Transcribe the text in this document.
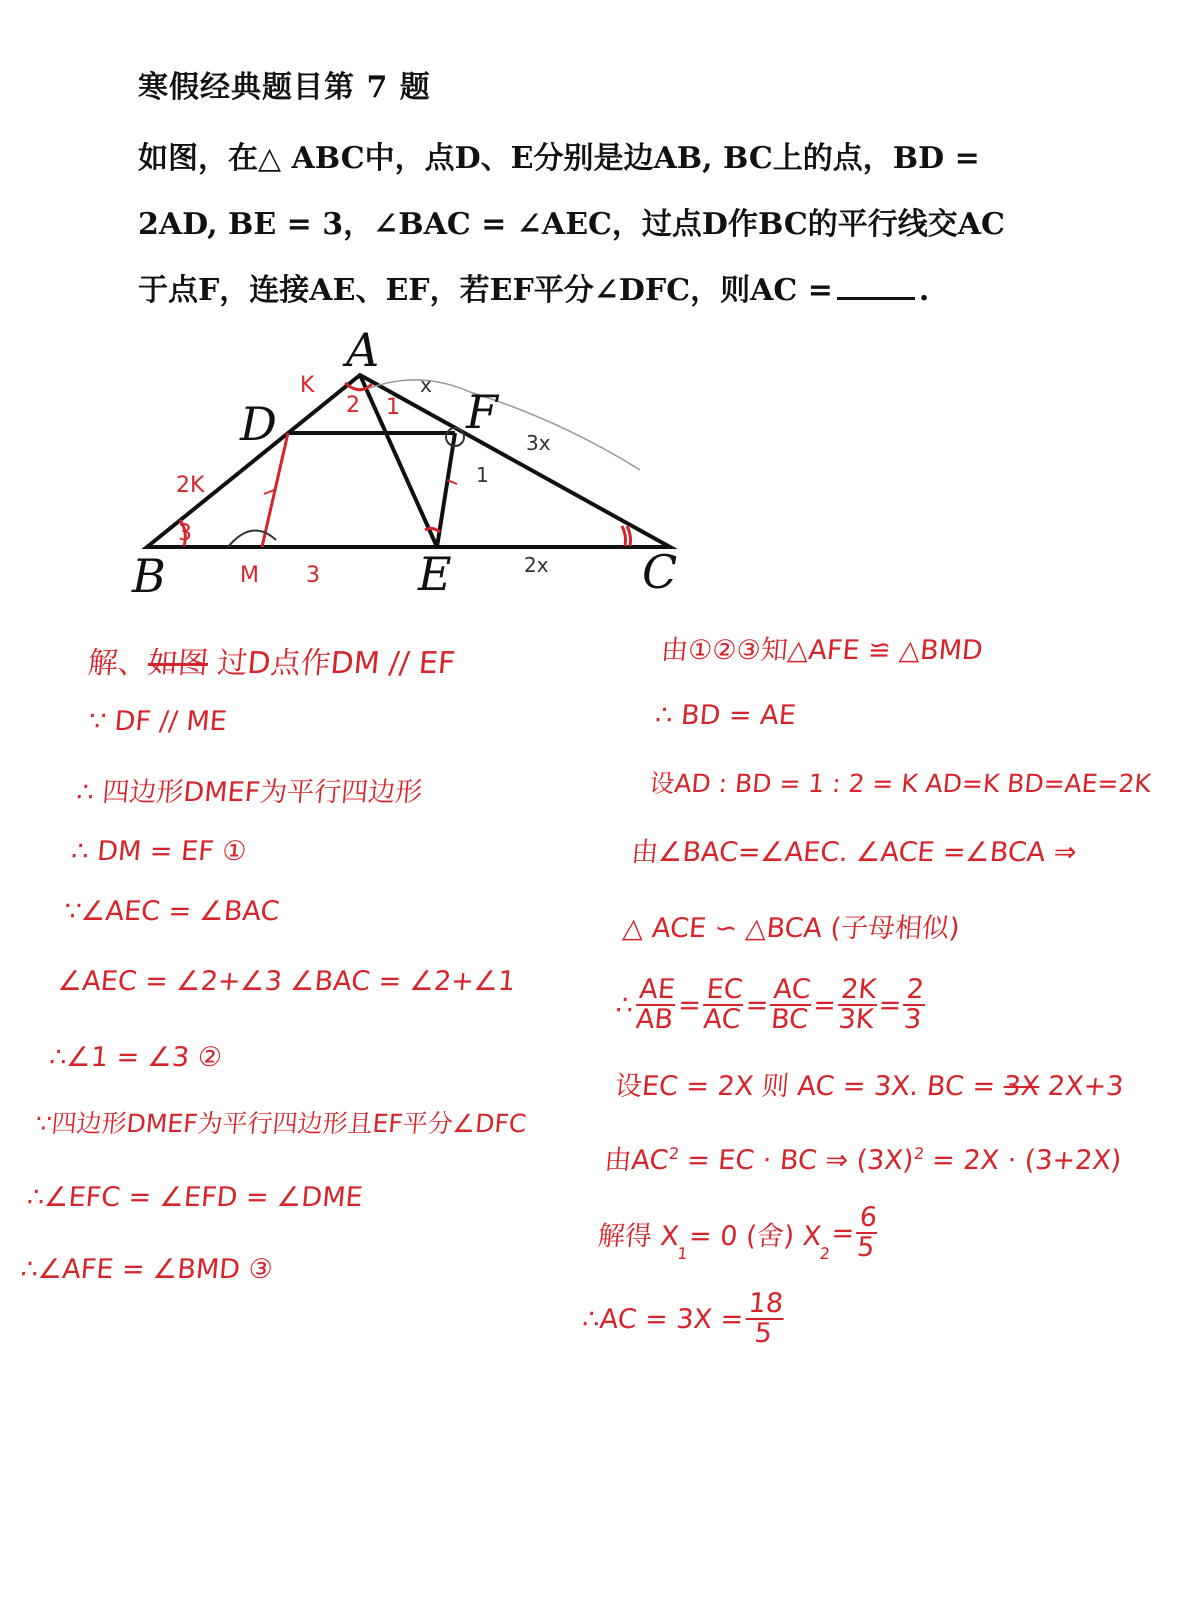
寒假经典题目第 7 题
如图，在△ ABC中，点D、E分别是边AB, BC上的点，BD =
2AD, BE = 3，∠BAC = ∠AEC，过点D作BC的平行线交AC
于点F，连接AE、EF，若EF平分∠DFC，则AC =	.
A
B	C
D
E
F
K
2K
M 3	2x
3x
1
2
3
1
x
解、如图 过D点作DM // EF
∵ DF // ME
∴ 四边形DMEF为平行四边形
∴ DM = EF ①
∵∠AEC = ∠BAC
∠AEC = ∠2+∠3 ∠BAC = ∠2+∠1
∴∠1 = ∠3 ②
∵四边形DMEF为平行四边形且EF平分∠DFC
∴∠EFC = ∠EFD = ∠DME
∴∠AFE = ∠BMD ③
由①②③知△AFE ≌ △BMD
∴ BD = AE
设AD : BD = 1 : 2 = K AD=K BD=AE=2K
由∠BAC=∠AEC. ∠ACE =∠BCA ⇒
△ ACE ∽ △BCA (子母相似)
∴
$\frac{AE}{AB}$
=
$\frac{EC}{AC}$
=
$\frac{AC}{BC}$
=
$\frac{2K}{3K}$
=
$\frac{2}{3}$
设EC = 2X 则 AC = 3X. BC = 3X 2X+3
由$AC^2$ = EC · BC ⇒ $(3X)^2 = 2X \cdot (3+2X)$
解得 X
1
= 0 (舍) X
2
=
$\frac{6}{5}$
∴AC = 3X =
$\frac{18}{5}$
